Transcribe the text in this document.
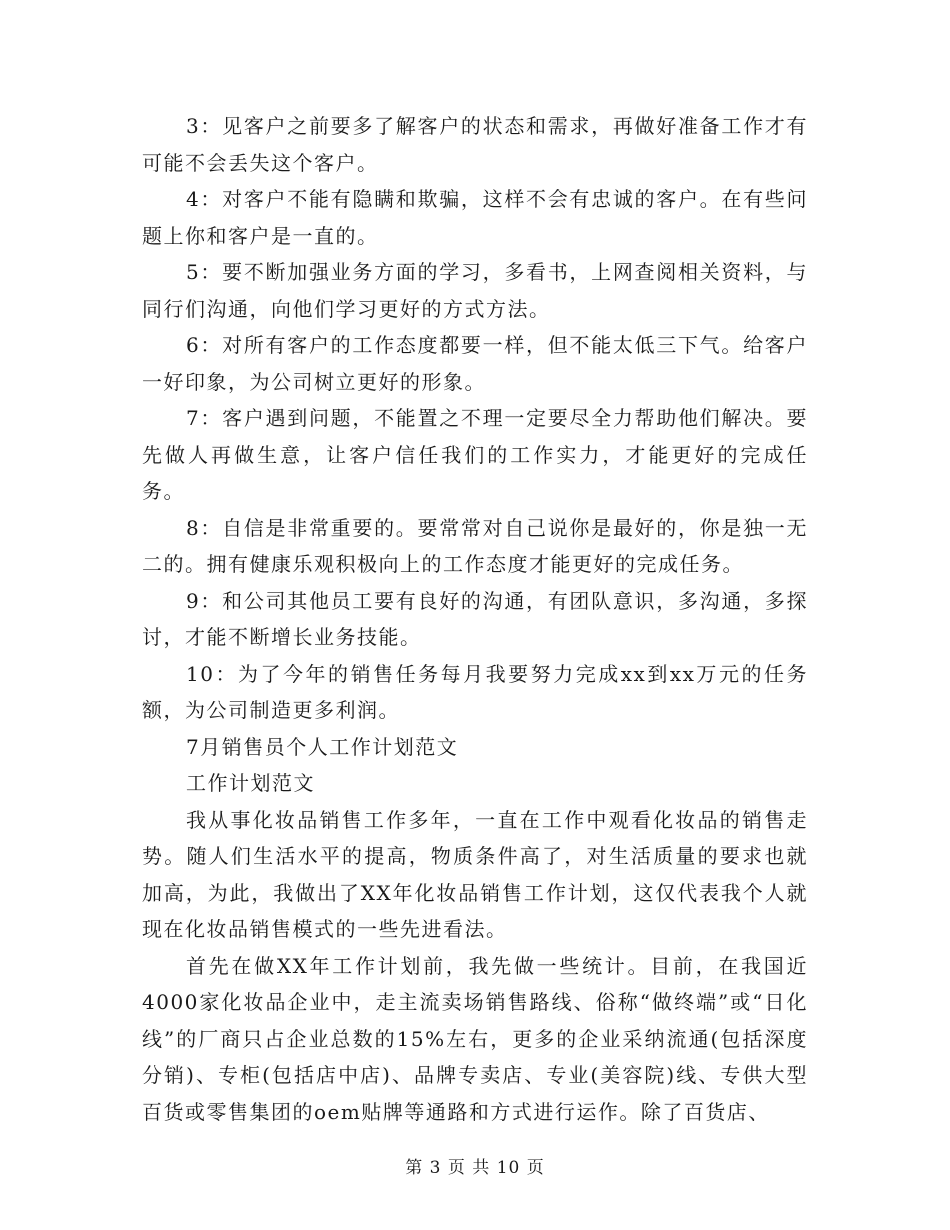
3：见客户之前要多了解客户的状态和需求，再做好准备工作才有可能不会丢失这个客户。

4：对客户不能有隐瞒和欺骗，这样不会有忠诚的客户。在有些问题上你和客户是一直的。

5：要不断加强业务方面的学习，多看书，上网查阅相关资料，与同行们沟通，向他们学习更好的方式方法。

6：对所有客户的工作态度都要一样，但不能太低三下气。给客户一好印象，为公司树立更好的形象。

7：客户遇到问题，不能置之不理一定要尽全力帮助他们解决。要先做人再做生意，让客户信任我们的工作实力，才能更好的完成任务。

8：自信是非常重要的。要常常对自己说你是最好的，你是独一无二的。拥有健康乐观积极向上的工作态度才能更好的完成任务。

9：和公司其他员工要有良好的沟通，有团队意识，多沟通，多探讨，才能不断增长业务技能。

10：为了今年的销售任务每月我要努力完成xx到xx万元的任务额，为公司制造更多利润。

7月销售员个人工作计划范文

工作计划范文

我从事化妆品销售工作多年，一直在工作中观看化妆品的销售走势。随人们生活水平的提高，物质条件高了，对生活质量的要求也就加高，为此，我做出了XX年化妆品销售工作计划，这仅代表我个人就现在化妆品销售模式的一些先进看法。

首先在做XX年工作计划前，我先做一些统计。目前，在我国近4000家化妆品企业中，走主流卖场销售路线、俗称“做终端”或“日化线”的厂商只占企业总数的15%左右，更多的企业采纳流通(包括深度分销)、专柜(包括店中店)、品牌专卖店、专业(美容院)线、专供大型百货或零售集团的oem贴牌等通路和方式进行运作。除了百货店、

第 3 页 共 10 页
